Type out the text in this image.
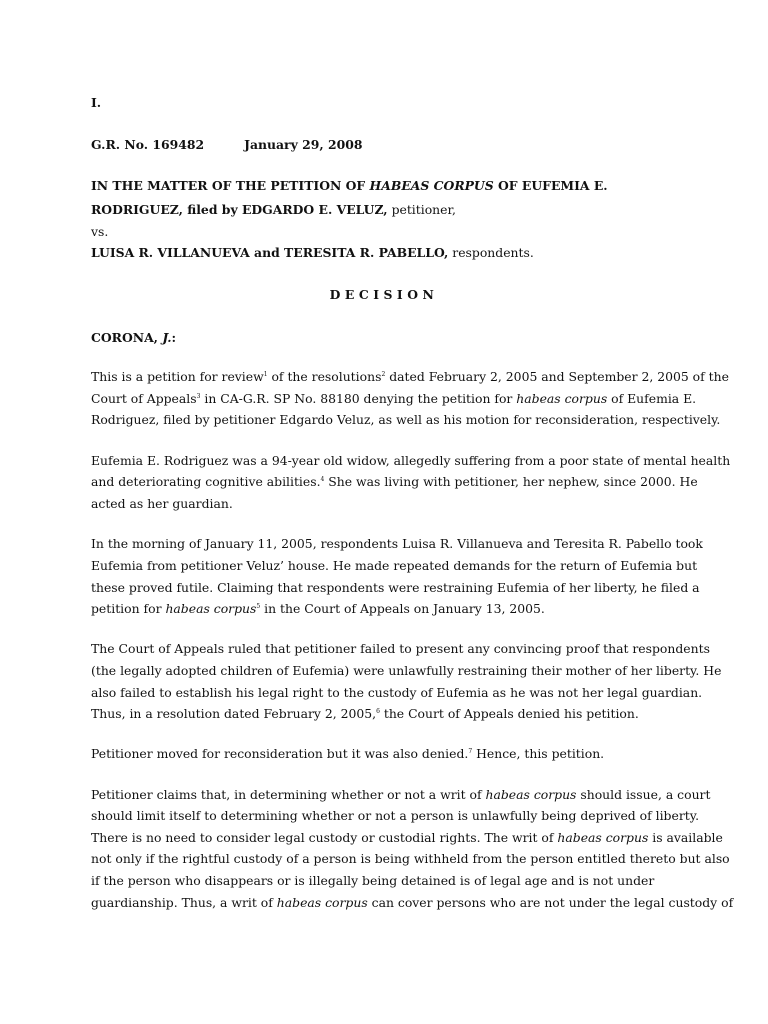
I.
G.R. No. 169482	January 29, 2008
IN THE MATTER OF THE PETITION OF HABEAS CORPUS OF EUFEMIA E.
RODRIGUEZ, filed by EDGARDO E. VELUZ, petitioner,
vs.
LUISA R. VILLANUEVA and TERESITA R. PABELLO, respondents.
DECISION
CORONA, J.:
This is a petition for review$^1$ of the resolutions$^2$ dated February 2, 2005 and September 2, 2005 of the
Court of Appeals$^3$ in CA-G.R. SP No. 88180 denying the petition for habeas corpus of Eufemia E.
Rodriguez, filed by petitioner Edgardo Veluz, as well as his motion for reconsideration, respectively.
Eufemia E. Rodriguez was a 94-year old widow, allegedly suffering from a poor state of mental health
and deteriorating cognitive abilities.$^4$ She was living with petitioner, her nephew, since 2000. He
acted as her guardian.
In the morning of January 11, 2005, respondents Luisa R. Villanueva and Teresita R. Pabello took
Eufemia from petitioner Veluz’ house. He made repeated demands for the return of Eufemia but
these proved futile. Claiming that respondents were restraining Eufemia of her liberty, he filed a
petition for habeas corpus$^5$ in the Court of Appeals on January 13, 2005.
The Court of Appeals ruled that petitioner failed to present any convincing proof that respondents
(the legally adopted children of Eufemia) were unlawfully restraining their mother of her liberty. He
also failed to establish his legal right to the custody of Eufemia as he was not her legal guardian.
Thus, in a resolution dated February 2, 2005,$^6$ the Court of Appeals denied his petition.
Petitioner moved for reconsideration but it was also denied.$^7$ Hence, this petition.
Petitioner claims that, in determining whether or not a writ of habeas corpus should issue, a court
should limit itself to determining whether or not a person is unlawfully being deprived of liberty.
There is no need to consider legal custody or custodial rights. The writ of habeas corpus is available
not only if the rightful custody of a person is being withheld from the person entitled thereto but also
if the person who disappears or is illegally being detained is of legal age and is not under
guardianship. Thus, a writ of habeas corpus can cover persons who are not under the legal custody of
